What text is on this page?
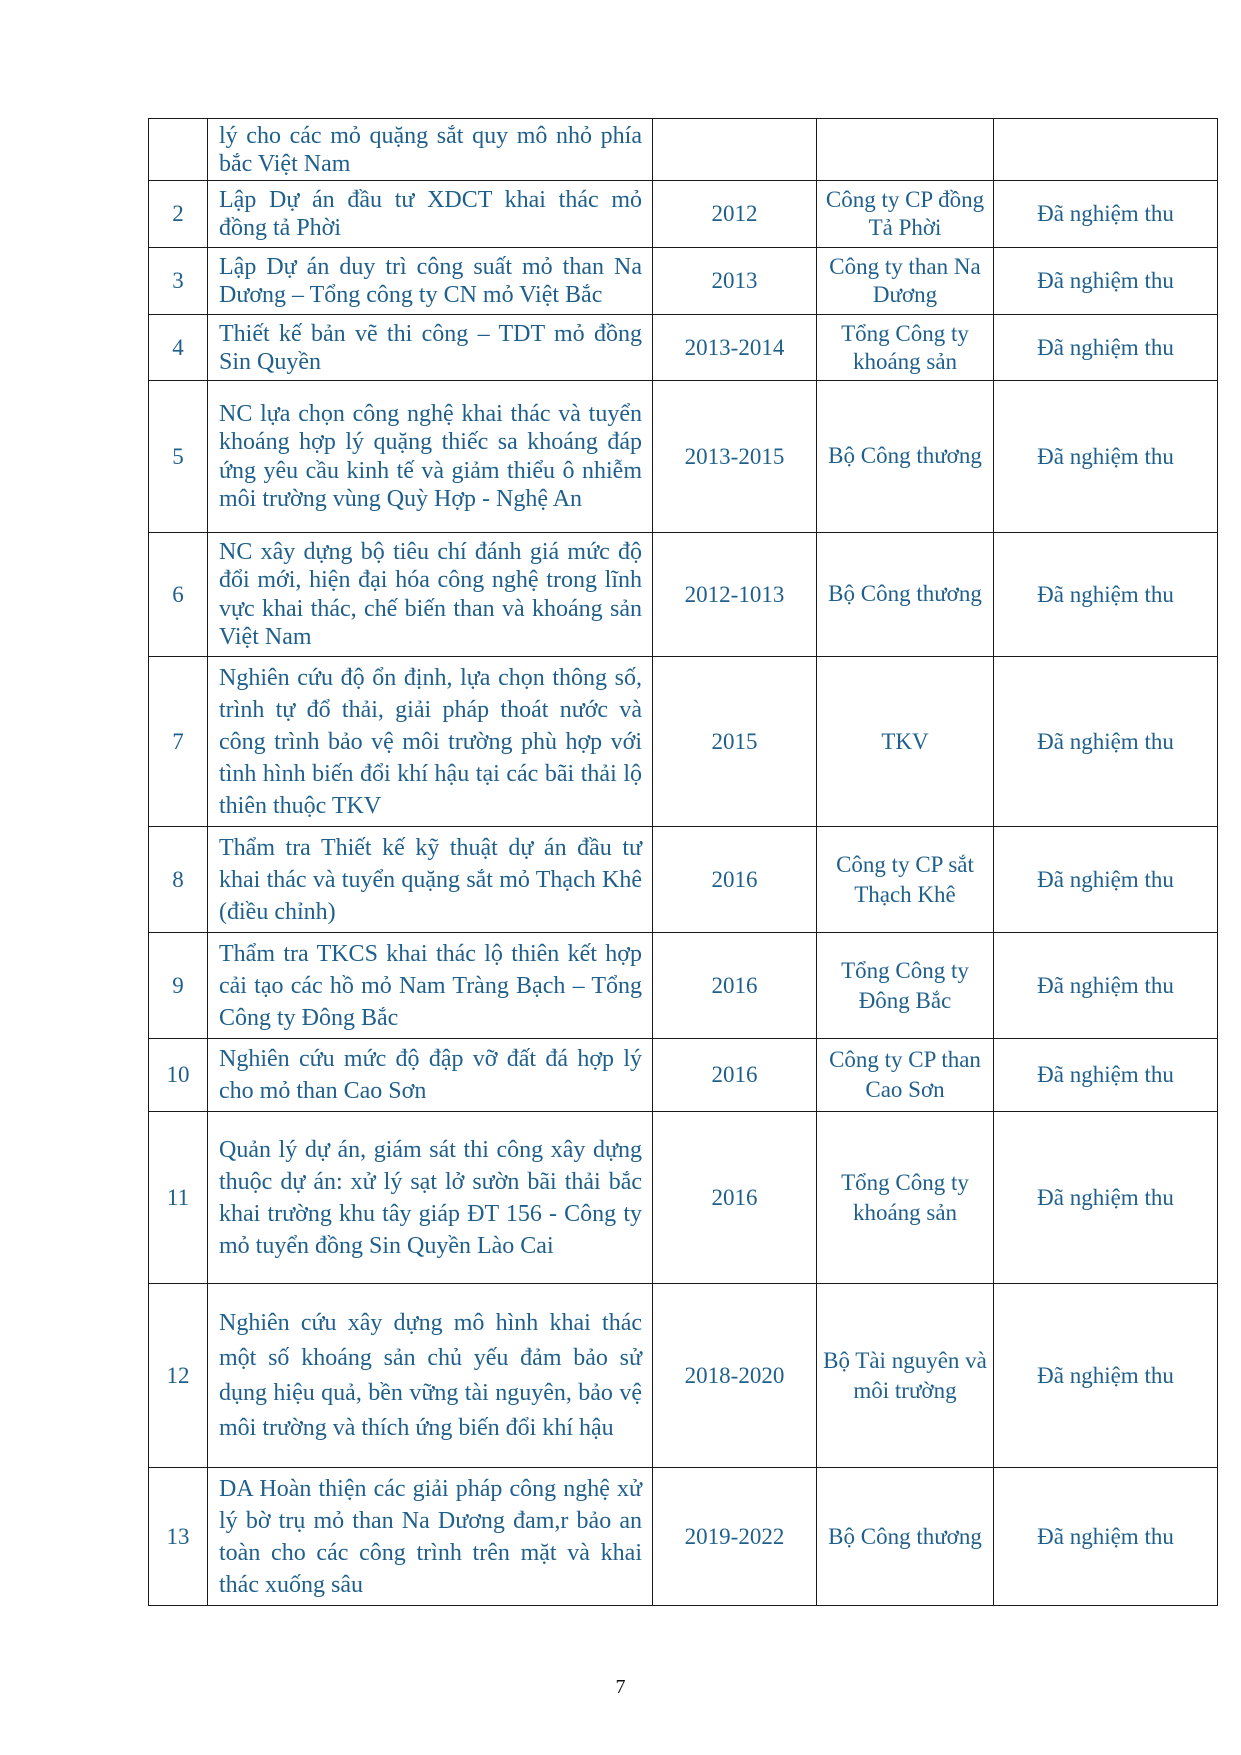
	lý cho các mỏ quặng sắt quy mô nhỏ phía bắc Việt Nam			
2	Lập Dự án đầu tư XDCT khai thác mỏ đồng tả Phời	2012	Công ty CP đồng Tả Phời	Đã nghiệm thu
3	Lập Dự án duy trì công suất mỏ than Na Dương – Tổng công ty CN mỏ Việt Bắc	2013	Công ty than Na Dương	Đã nghiệm thu
4	Thiết kế bản vẽ thi công – TDT mỏ đồng Sin Quyền	2013-2014	Tổng Công ty khoáng sản	Đã nghiệm thu
5	NC lựa chọn công nghệ khai thác và tuyển khoáng hợp lý quặng thiếc sa khoáng đáp ứng yêu cầu kinh tế và giảm thiểu ô nhiễm môi trường vùng Quỳ Hợp - Nghệ An	2013-2015	Bộ Công thương	Đã nghiệm thu
6	NC xây dựng bộ tiêu chí đánh giá mức độ đổi mới, hiện đại hóa công nghệ trong lĩnh vực khai thác, chế biến than và khoáng sản Việt Nam	2012-1013	Bộ Công thương	Đã nghiệm thu
7	Nghiên cứu độ ổn định, lựa chọn thông số, trình tự đổ thải, giải pháp thoát nước và công trình bảo vệ môi trường phù hợp với tình hình biến đổi khí hậu tại các bãi thải lộ thiên thuộc TKV	2015	TKV	Đã nghiệm thu
8	Thẩm tra Thiết kế kỹ thuật dự án đầu tư khai thác và tuyển quặng sắt mỏ Thạch Khê (điều chỉnh)	2016	Công ty CP sắt Thạch Khê	Đã nghiệm thu
9	Thẩm tra TKCS khai thác lộ thiên kết hợp cải tạo các hồ mỏ Nam Tràng Bạch – Tổng Công ty Đông Bắc	2016	Tổng Công ty Đông Bắc	Đã nghiệm thu
10	Nghiên cứu mức độ đập vỡ đất đá hợp lý cho mỏ than Cao Sơn	2016	Công ty CP than Cao Sơn	Đã nghiệm thu
11	Quản lý dự án, giám sát thi công xây dựng thuộc dự án: xử lý sạt lở sườn bãi thải bắc khai trường khu tây giáp ĐT 156 - Công ty mỏ tuyển đồng Sin Quyền Lào Cai	2016	Tổng Công ty khoáng sản	Đã nghiệm thu
12	Nghiên cứu xây dựng mô hình khai thác một số khoáng sản chủ yếu đảm bảo sử dụng hiệu quả, bền vững tài nguyên, bảo vệ môi trường và thích ứng biến đổi khí hậu	2018-2020	Bộ Tài nguyên và môi trường	Đã nghiệm thu
13	DA Hoàn thiện các giải pháp công nghệ xử lý bờ trụ mỏ than Na Dương đam,r bảo an toàn cho các công trình trên mặt và khai thác xuống sâu	2019-2022	Bộ Công thương	Đã nghiệm thu
7
